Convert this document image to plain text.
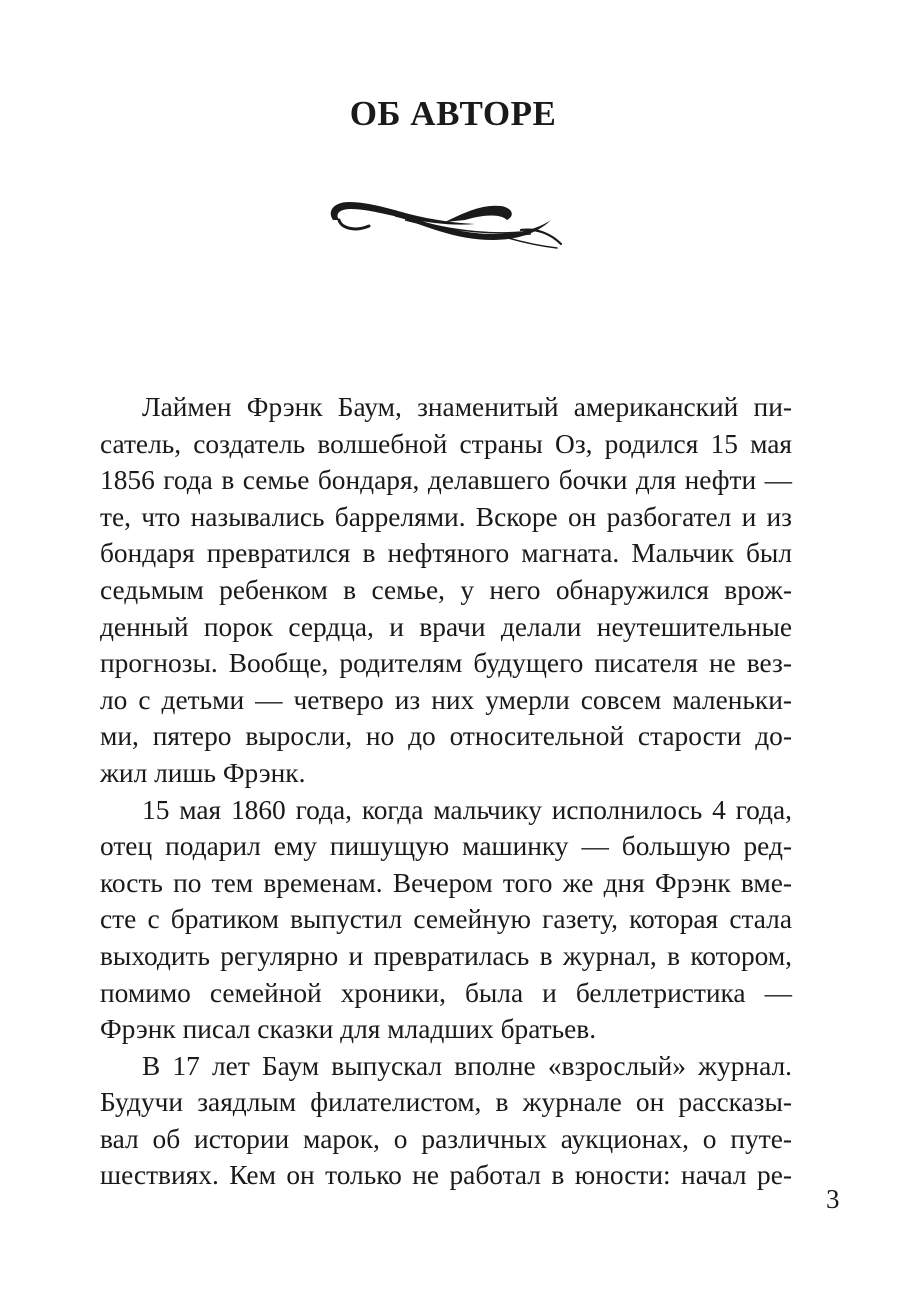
ОБ АВТОРЕ

Лаймен Фрэнк Баум, знаменитый американский пи-
сатель, создатель волшебной страны Оз, родился 15 мая
1856 года в семье бондаря, делавшего бочки для нефти —
те, что назывались баррелями. Вскоре он разбогател и из
бондаря превратился в нефтяного магната. Мальчик был
седьмым ребенком в семье, у него обнаружился врож-
денный порок сердца, и врачи делали неутешительные
прогнозы. Вообще, родителям будущего писателя не вез-
ло с детьми — четверо из них умерли совсем маленьки-
ми, пятеро выросли, но до относительной старости до-
жил лишь Фрэнк.

15 мая 1860 года, когда мальчику исполнилось 4 года,
отец подарил ему пишущую машинку — большую ред-
кость по тем временам. Вечером того же дня Фрэнк вме-
сте с братиком выпустил семейную газету, которая стала
выходить регулярно и превратилась в журнал, в котором,
помимо семейной хроники, была и беллетристика —
Фрэнк писал сказки для младших братьев.

В 17 лет Баум выпускал вполне «взрослый» журнал.
Будучи заядлым филателистом, в журнале он рассказы-
вал об истории марок, о различных аукционах, о путе-
шествиях. Кем он только не работал в юности: начал ре-

3
